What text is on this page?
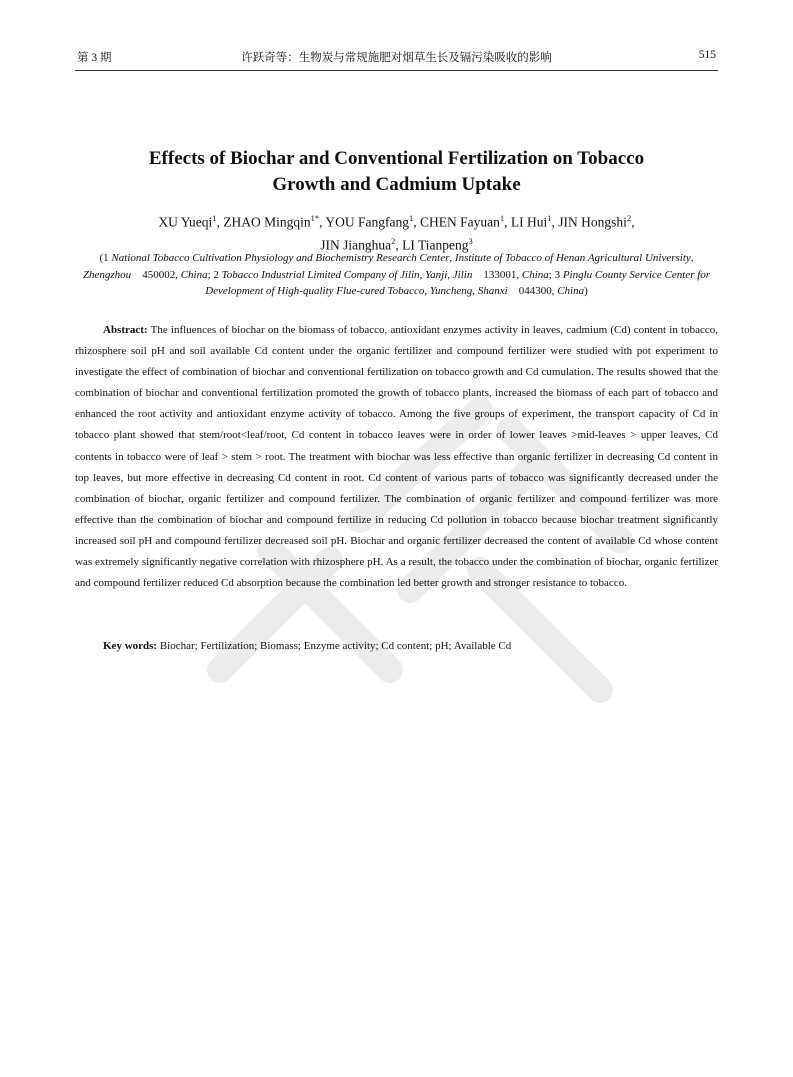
第 3 期	许跃奇等：生物炭与常规施肥对烟草生长及镉污染吸收的影响	515
Effects of Biochar and Conventional Fertilization on Tobacco
Growth and Cadmium Uptake
XU Yueqi$^1$, ZHAO Mingqin$^{1*}$, YOU Fangfang$^1$, CHEN Fayuan$^1$, LI Hui$^1$, JIN Hongshi$^2$,
JIN Jianghua$^2$, LI Tianpeng$^3$
(1 National Tobacco Cultivation Physiology and Biochemistry Research Center, Institute of Tobacco of Henan Agricultural University, Zhengzhou 450002, China; 2 Tobacco Industrial Limited Company of Jilin, Yanji, Jilin 133001, China; 3 Pinglu County Service Center for Development of High-quality Flue-cured Tobacco, Yuncheng, Shanxi 044300, China)

Abstract: The influences of biochar on the biomass of tobacco, antioxidant enzymes activity in leaves, cadmium (Cd) content in tobacco, rhizosphere soil pH and soil available Cd content under the organic fertilizer and compound fertilizer were studied with pot experiment to investigate the effect of combination of biochar and conventional fertilization on tobacco growth and Cd cumulation. The results showed that the combination of biochar and conventional fertilization promoted the growth of tobacco plants, increased the biomass of each part of tobacco and enhanced the root activity and antioxidant enzyme activity of tobacco. Among the five groups of experiment, the transport capacity of Cd in tobacco plant showed that stem/root<leaf/root, Cd content in tobacco leaves were in order of lower leaves >mid-leaves > upper leaves, Cd contents in tobacco were of leaf > stem > root. The treatment with biochar was less effective than organic fertilizer in decreasing Cd content in top leaves, but more effective in decreasing Cd content in root. Cd content of various parts of tobacco was significantly decreased under the combination of biochar, organic fertilizer and compound fertilizer. The combination of organic fertilizer and compound fertilizer was more effective than the combination of biochar and compound fertilize in reducing Cd pollution in tobacco because biochar treatment significantly increased soil pH and compound fertilizer decreased soil pH. Biochar and organic fertilizer decreased the content of available Cd whose content was extremely significantly negative correlation with rhizosphere pH. As a result, the tobacco under the combination of biochar, organic fertilizer and compound fertilizer reduced Cd absorption because the combination led better growth and stronger resistance to tobacco.

Key words: Biochar; Fertilization; Biomass; Enzyme activity; Cd content; pH; Available Cd
